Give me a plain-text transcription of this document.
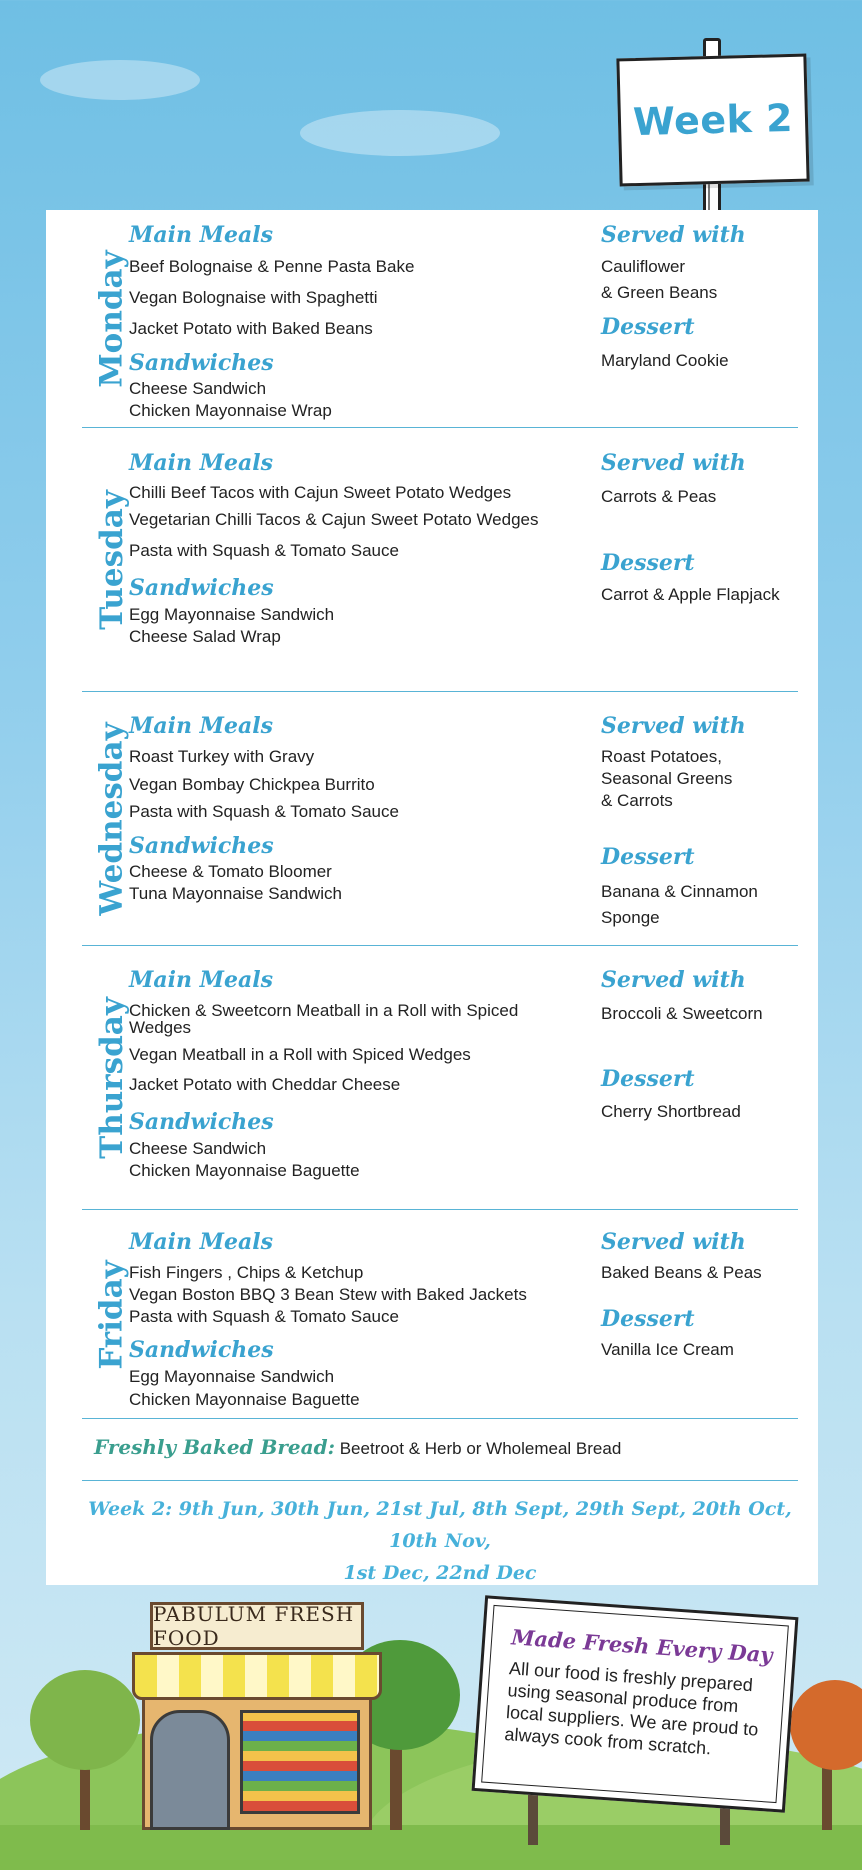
Week 2
Monday
Main Meals
Beef Bolognaise & Penne Pasta Bake
Vegan Bolognaise with Spaghetti
Jacket Potato with Baked Beans
Sandwiches
Cheese Sandwich
Chicken Mayonnaise Wrap
Served with
Cauliflower
& Green Beans
Dessert
Maryland Cookie
Tuesday
Main Meals
Chilli Beef Tacos with Cajun Sweet Potato Wedges
Vegetarian Chilli Tacos & Cajun Sweet Potato Wedges
Pasta with Squash & Tomato Sauce
Sandwiches
Egg Mayonnaise Sandwich
Cheese Salad Wrap
Served with
Carrots & Peas
Dessert
Carrot & Apple Flapjack
Wednesday Main Meals
Roast Turkey with Gravy
Vegan Bombay Chickpea Burrito
Pasta with Squash & Tomato Sauce
Sandwiches
Cheese & Tomato Bloomer
Tuna Mayonnaise Sandwich
Served with
Roast Potatoes,
Seasonal Greens
& Carrots
Dessert
Banana & Cinnamon Sponge
Thursday
Main Meals
Chicken & Sweetcorn Meatball in a Roll with Spiced Wedges
Vegan Meatball in a Roll with Spiced Wedges
Jacket Potato with Cheddar Cheese
Sandwiches
Cheese Sandwich
Chicken Mayonnaise Baguette
Served with
Broccoli & Sweetcorn
Dessert
Cherry Shortbread
Friday
Main Meals
Fish Fingers , Chips & Ketchup
Vegan Boston BBQ 3 Bean Stew with Baked Jackets
Pasta with Squash & Tomato Sauce
Sandwiches
Egg Mayonnaise Sandwich
Chicken Mayonnaise Baguette
Served with
Baked Beans & Peas
Dessert
Vanilla Ice Cream
Freshly Baked Bread: Beetroot & Herb or Wholemeal Bread
Week 2: 9th Jun, 30th Jun, 21st Jul, 8th Sept, 29th Sept, 20th Oct, 10th Nov,
1st Dec, 22nd Dec
PABULUM FRESH FOOD	Made Fresh Every Day
All our food is freshly prepared using seasonal produce from local suppliers. We are proud to always cook from scratch.
